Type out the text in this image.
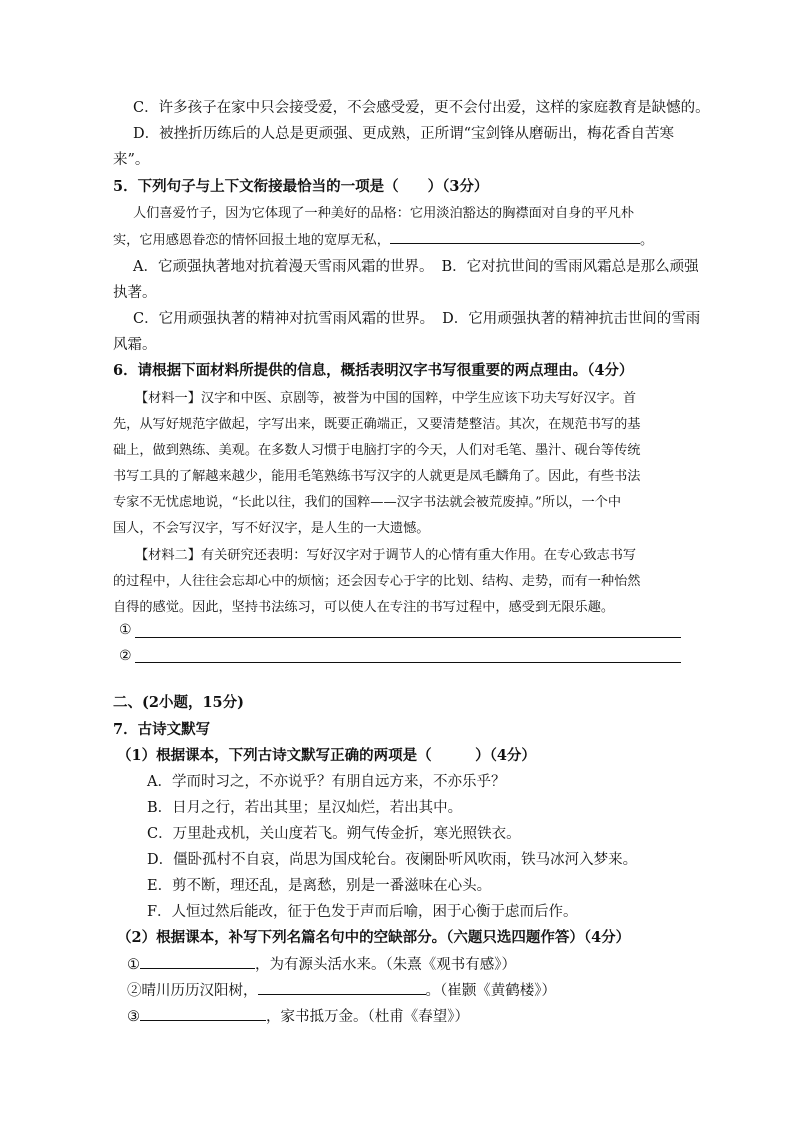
C．许多孩子在家中只会接受爱，不会感受爱，更不会付出爱，这样的家庭教育是缺憾的。
D．被挫折历练后的人总是更顽强、更成熟，正所谓“宝剑锋从磨砺出，梅花香自苦寒
来”。
5．下列句子与上下文衔接最恰当的一项是（　　）（3分）
人们喜爱竹子，因为它体现了一种美好的品格：它用淡泊豁达的胸襟面对自身的平凡朴
实，它用感恩眷恋的情怀回报土地的宽厚无私，	。
A．它顽强执著地对抗着漫天雪雨风霜的世界。 B．它对抗世间的雪雨风霜总是那么顽强
执著。
C．它用顽强执著的精神对抗雪雨风霜的世界。 D．它用顽强执著的精神抗击世间的雪雨
风霜。
6．请根据下面材料所提供的信息，概括表明汉字书写很重要的两点理由。（4分）
【材料一】汉字和中医、京剧等，被誉为中国的国粹，中学生应该下功夫写好汉字。首
先，从写好规范字做起，字写出来，既要正确端正，又要清楚整洁。其次，在规范书写的基
础上，做到熟练、美观。在多数人习惯于电脑打字的今天，人们对毛笔、墨汁、砚台等传统
书写工具的了解越来越少，能用毛笔熟练书写汉字的人就更是凤毛麟角了。因此，有些书法
专家不无忧虑地说，“长此以往，我们的国粹——汉字书法就会被荒废掉。”所以，一个中
国人，不会写汉字，写不好汉字，是人生的一大遗憾。
【材料二】有关研究还表明：写好汉字对于调节人的心情有重大作用。在专心致志书写
的过程中，人往往会忘却心中的烦恼；还会因专心于字的比划、结构、走势，而有一种怡然
自得的感觉。因此，坚持书法练习，可以使人在专注的书写过程中，感受到无限乐趣。
①
②
二、(2小题，15分)
7．古诗文默写
（1）根据课本，下列古诗文默写正确的两项是（　　　）（4分）
A．学而时习之，不亦说乎？有朋自远方来，不亦乐乎？
B．日月之行，若出其里；星汉灿烂，若出其中。
C．万里赴戎机，关山度若飞。朔气传金折，寒光照铁衣。
D．僵卧孤村不自哀，尚思为国戍轮台。夜阑卧听风吹雨，铁马冰河入梦来。
E．剪不断，理还乱，是离愁，别是一番滋味在心头。
F．人恒过然后能改，征于色发于声而后喻，困于心衡于虑而后作。
（2）根据课本，补写下列名篇名句中的空缺部分。（六题只选四题作答）（4分）
①	，为有源头活水来。（朱熹《观书有感》）
②晴川历历汉阳树，	。（崔颢《黄鹤楼》）
③	，家书抵万金。（杜甫《春望》）
